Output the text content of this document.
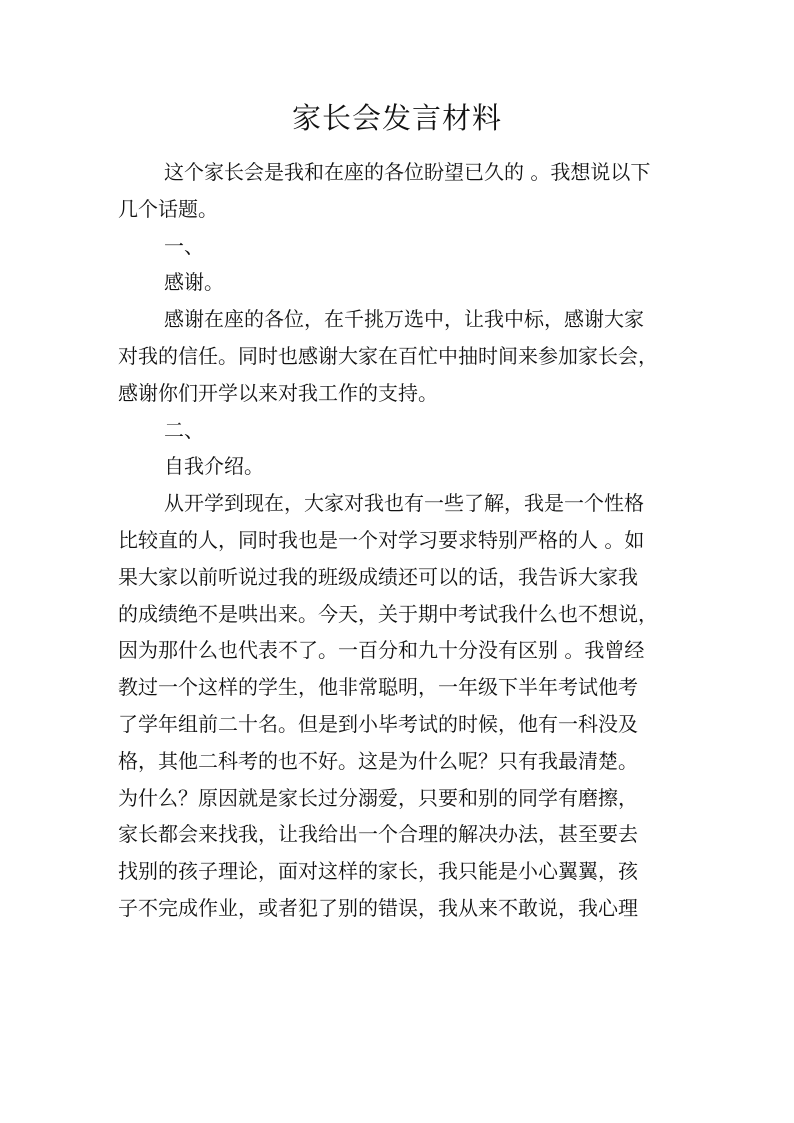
家长会发言材料
这个家长会是我和在座的各位盼望已久的 。我想说以下
几个话题。
一、
感谢。
感谢在座的各位，在千挑万选中，让我中标，感谢大家
对我的信任。同时也感谢大家在百忙中抽时间来参加家长会，
感谢你们开学以来对我工作的支持。
二、
自我介绍。
从开学到现在，大家对我也有一些了解，我是一个性格
比较直的人，同时我也是一个对学习要求特别严格的人 。如
果大家以前听说过我的班级成绩还可以的话，我告诉大家我
的成绩绝不是哄出来。今天，关于期中考试我什么也不想说，
因为那什么也代表不了。一百分和九十分没有区别 。我曾经
教过一个这样的学生，他非常聪明，一年级下半年考试他考
了学年组前二十名。但是到小毕考试的时候，他有一科没及
格，其他二科考的也不好。这是为什么呢？只有我最清楚。
为什么？原因就是家长过分溺爱，只要和别的同学有磨擦，
家长都会来找我，让我给出一个合理的解决办法，甚至要去
找别的孩子理论，面对这样的家长，我只能是小心翼翼，孩
子不完成作业，或者犯了别的错误，我从来不敢说，我心理
